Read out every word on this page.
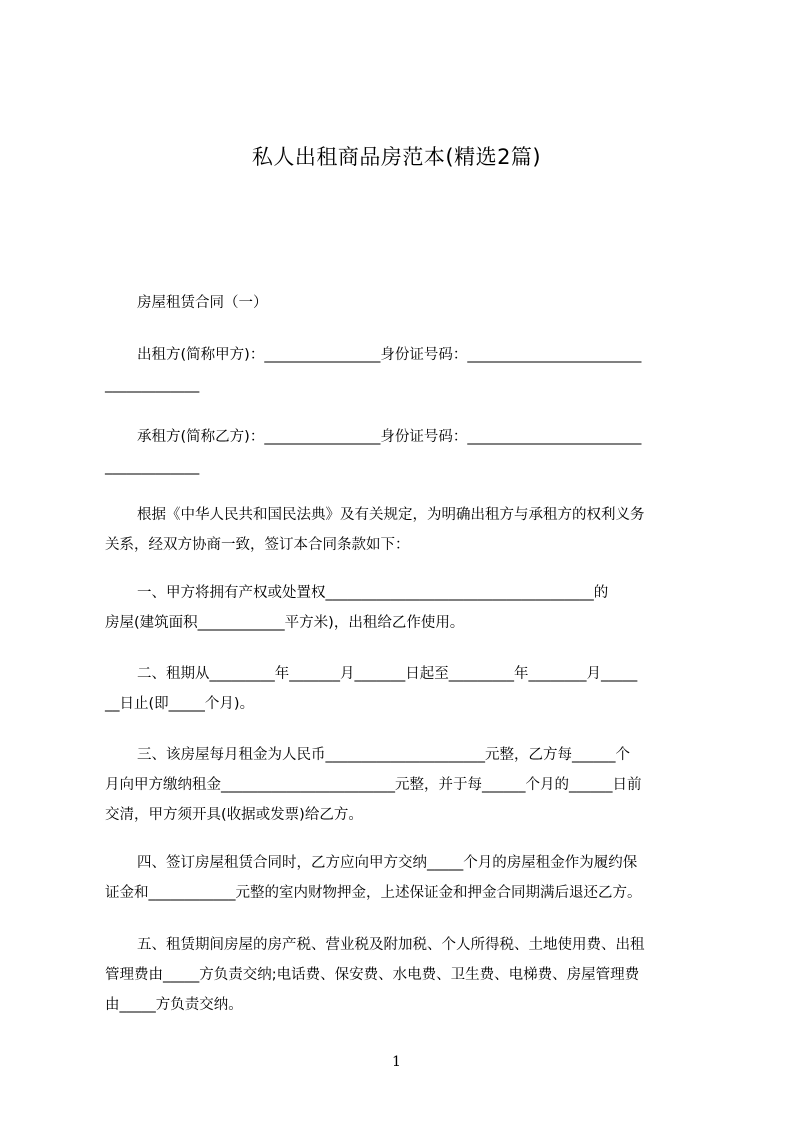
私人出租商品房范本(精选2篇)
房屋租赁合同（一）
出租方(简称甲方)：________________身份证号码：________________________
_____________
承租方(简称乙方)：________________身份证号码：________________________
_____________
根据《中华人民共和国民法典》及有关规定，为明确出租方与承租方的权利义务
关系，经双方协商一致，签订本合同条款如下：
一、甲方将拥有产权或处置权_____________________________________的
房屋(建筑面积____________平方米)，出租给乙作使用。
二、租期从_________年_______月_______日起至_________年________月_____
__日止(即_____个月)。
三、该房屋每月租金为人民币______________________元整，乙方每______个
月向甲方缴纳租金________________________元整，并于每______个月的______日前
交清，甲方须开具(收据或发票)给乙方。
四、签订房屋租赁合同时，乙方应向甲方交纳_____个月的房屋租金作为履约保
证金和____________元整的室内财物押金，上述保证金和押金合同期满后退还乙方。
五、租赁期间房屋的房产税、营业税及附加税、个人所得税、土地使用费、出租
管理费由_____方负责交纳;电话费、保安费、水电费、卫生费、电梯费、房屋管理费
由_____方负责交纳。
1
